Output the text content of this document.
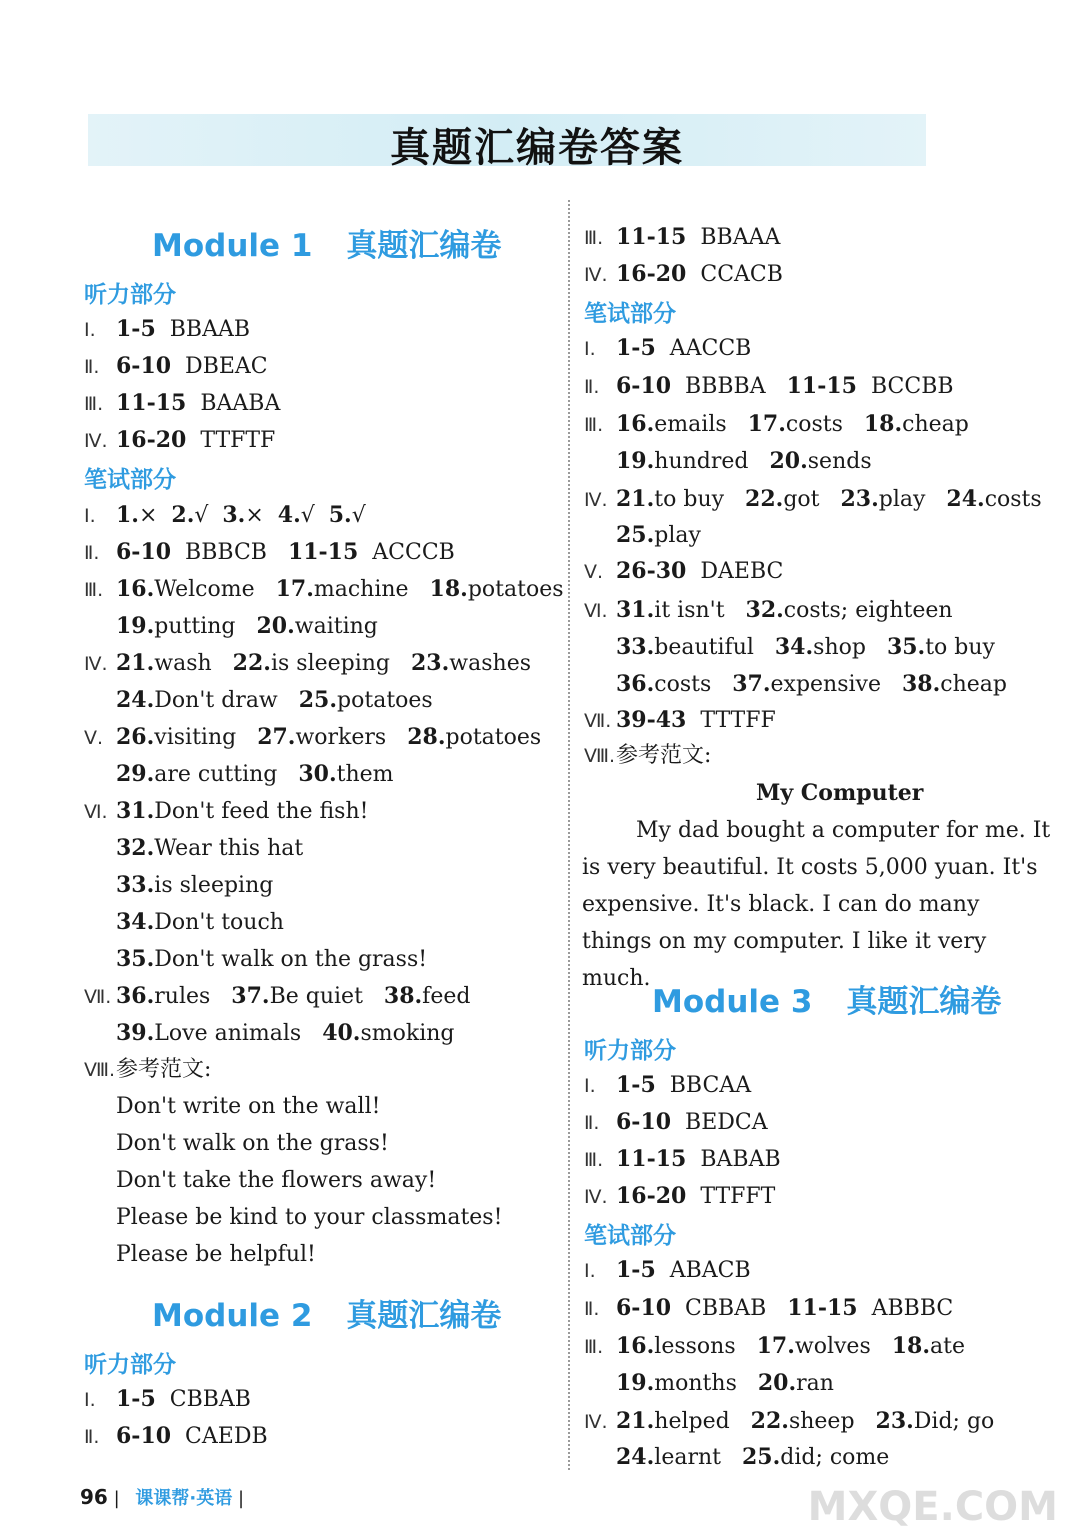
真题汇编卷答案
Module 1 真题汇编卷
听力部分
Ⅰ. 1-5  BBAAB
Ⅱ. 6-10  DBEAC
Ⅲ. 11-15  BAABA
Ⅳ. 16-20  TTFTF
笔试部分
Ⅰ. 1.×  2.√  3.×  4.√  5.√
Ⅱ. 6-10  BBBCB   11-15  ACCCB
Ⅲ. 16.Welcome   17.machine   18.potatoes
19.putting   20.waiting
Ⅳ. 21.wash   22.is sleeping   23.washes
24.Don't draw   25.potatoes
Ⅴ. 26.visiting   27.workers   28.potatoes
29.are cutting   30.them
Ⅵ. 31.Don't feed the fish!
32.Wear this hat
33.is sleeping
34.Don't touch
35.Don't walk on the grass!
Ⅶ. 36.rules   37.Be quiet   38.feed
39.Love animals   40.smoking
Ⅷ.参考范文:
Don't write on the wall!
Don't walk on the grass!
Don't take the flowers away!
Please be kind to your classmates!
Please be helpful!
Module 2 真题汇编卷
听力部分
Ⅰ. 1-5  CBBAB
Ⅱ. 6-10  CAEDB
Ⅲ. 11-15  BBAAA
Ⅳ. 16-20  CCACB
笔试部分
Ⅰ. 1-5  AACCB
Ⅱ. 6-10  BBBBA   11-15  BCCBB
Ⅲ. 16.emails   17.costs   18.cheap
19.hundred   20.sends
Ⅳ. 21.to buy   22.got   23.play   24.costs
25.play
Ⅴ. 26-30  DAEBC
Ⅵ. 31.it isn't   32.costs; eighteen
33.beautiful   34.shop   35.to buy
36.costs   37.expensive   38.cheap
Ⅶ. 39-43  TTTFF
Ⅷ.参考范文:
My Computer
My dad bought a computer for me. It is very beautiful. It costs 5,000 yuan. It's expensive. It's black. I can do many things on my computer. I like it very much.
Module 3 真题汇编卷
听力部分
Ⅰ. 1-5  BBCAA
Ⅱ. 6-10  BEDCA
Ⅲ. 11-15  BABAB
Ⅳ. 16-20  TTFFT
笔试部分
Ⅰ. 1-5  ABACB
Ⅱ. 6-10  CBBAB   11-15  ABBBC
Ⅲ. 16.lessons   17.wolves   18.ate
19.months   20.ran
Ⅳ. 21.helped   22.sheep   23.Did; go
24.learnt   25.did; come
96 | 课课帮·英语 |	MXQE.COM
